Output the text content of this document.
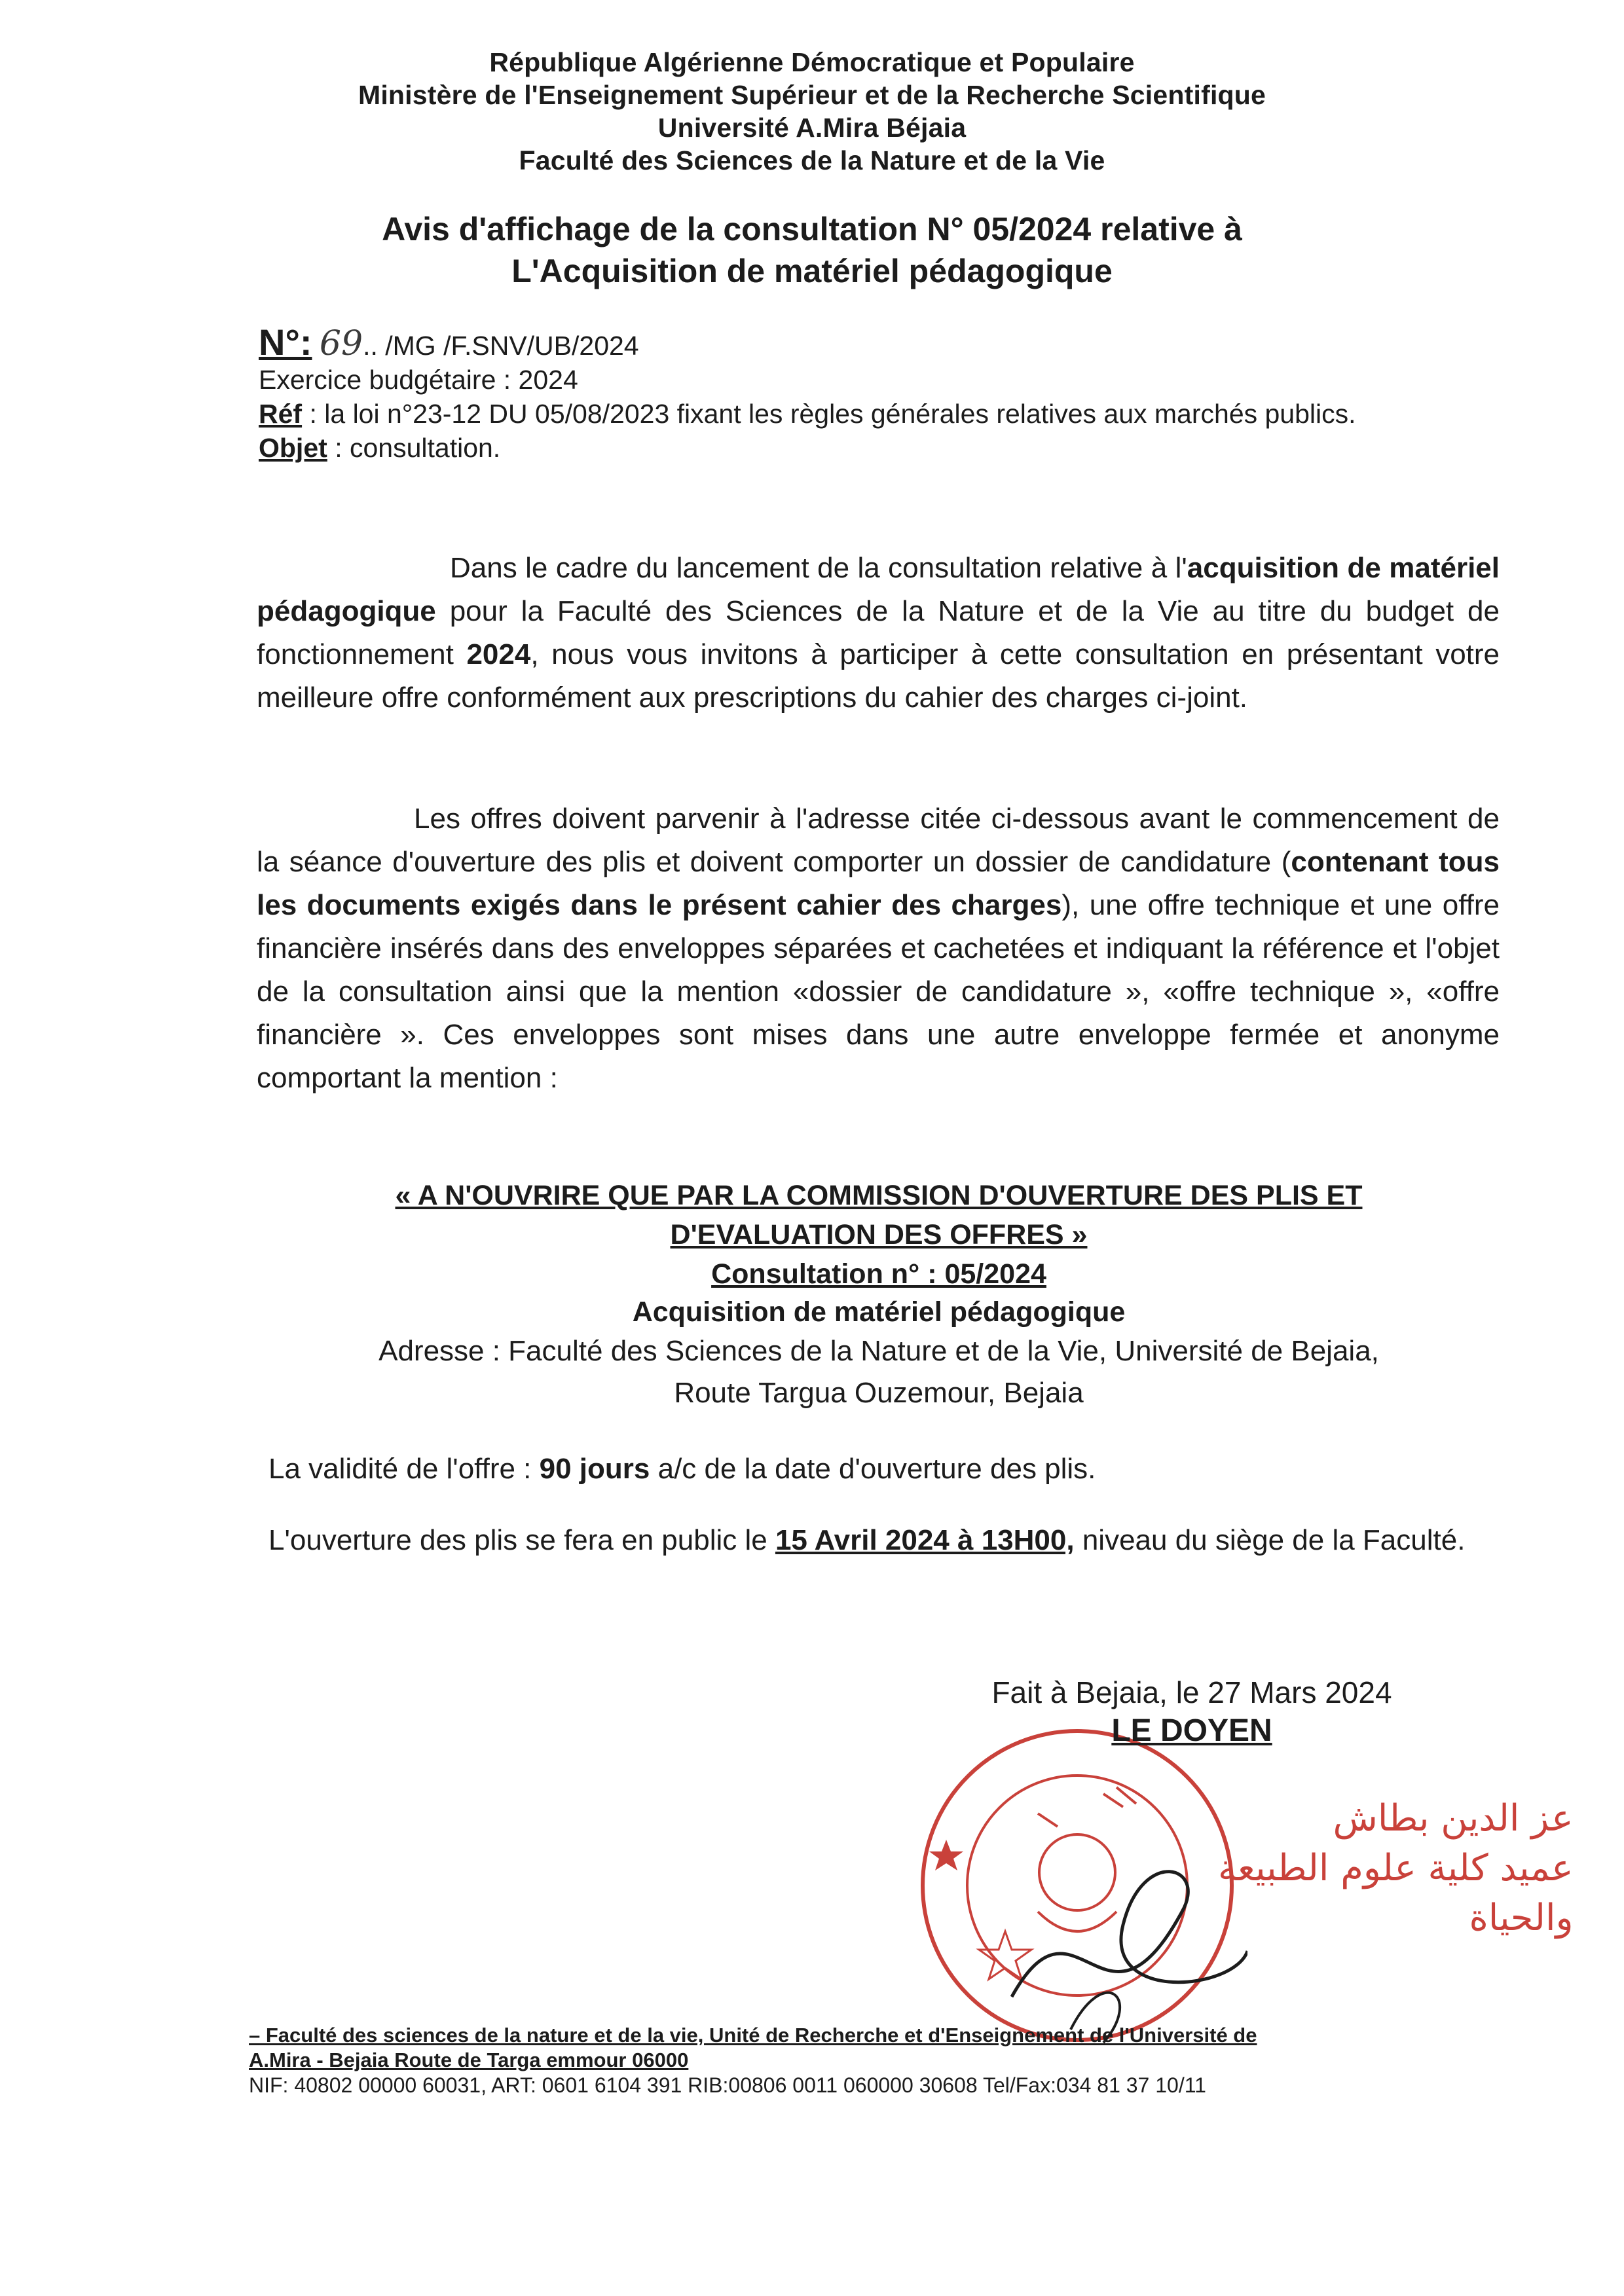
République Algérienne Démocratique et Populaire
Ministère de l'Enseignement Supérieur et de la Recherche Scientifique
Université A.Mira Béjaia
Faculté des Sciences de la Nature et de la Vie
Avis d'affichage de la consultation N° 05/2024 relative à
L'Acquisition de matériel pédagogique
N°: 69.. /MG /F.SNV/UB/2024
Exercice budgétaire : 2024
Réf : la loi n°23-12 DU 05/08/2023 fixant les règles générales relatives aux marchés publics.
Objet : consultation.
Dans le cadre du lancement de la consultation relative à l'acquisition de matériel pédagogique pour la Faculté des Sciences de la Nature et de la Vie au titre du budget de fonctionnement 2024, nous vous invitons à participer à cette consultation en présentant votre meilleure offre conformément aux prescriptions du cahier des charges ci-joint.
Les offres doivent parvenir à l'adresse citée ci-dessous avant le commencement de la séance d'ouverture des plis et doivent comporter un dossier de candidature (contenant tous les documents exigés dans le présent cahier des charges), une offre technique et une offre financière insérés dans des enveloppes séparées et cachetées et indiquant la référence et l'objet de la consultation ainsi que la mention «dossier de candidature », «offre technique », «offre financière ». Ces enveloppes sont mises dans une autre enveloppe fermée et anonyme comportant la mention :
« A N'OUVRIRE QUE PAR LA COMMISSION D'OUVERTURE DES PLIS ET
D'EVALUATION DES OFFRES »
Consultation n° : 05/2024
Acquisition de matériel pédagogique
Adresse : Faculté des Sciences de la Nature et de la Vie, Université de Bejaia,
Route Targua Ouzemour, Bejaia
La validité de l'offre : 90 jours a/c de la date d'ouverture des plis.
L'ouverture des plis se fera en public le 15 Avril 2024 à 13H00, niveau du siège de la Faculté.
عز الدين بطاش
عميد كلية علوم الطبيعة
والحياة
Fait à Bejaia, le 27 Mars 2024
LE DOYEN
– Faculté des sciences de la nature et de la vie, Unité de Recherche et d'Enseignement de l'Université de
A.Mira - Bejaia Route de Targa emmour 06000
NIF: 40802 00000 60031, ART: 0601 6104 391 RIB:00806 0011 060000 30608 Tel/Fax:034 81 37 10/11
